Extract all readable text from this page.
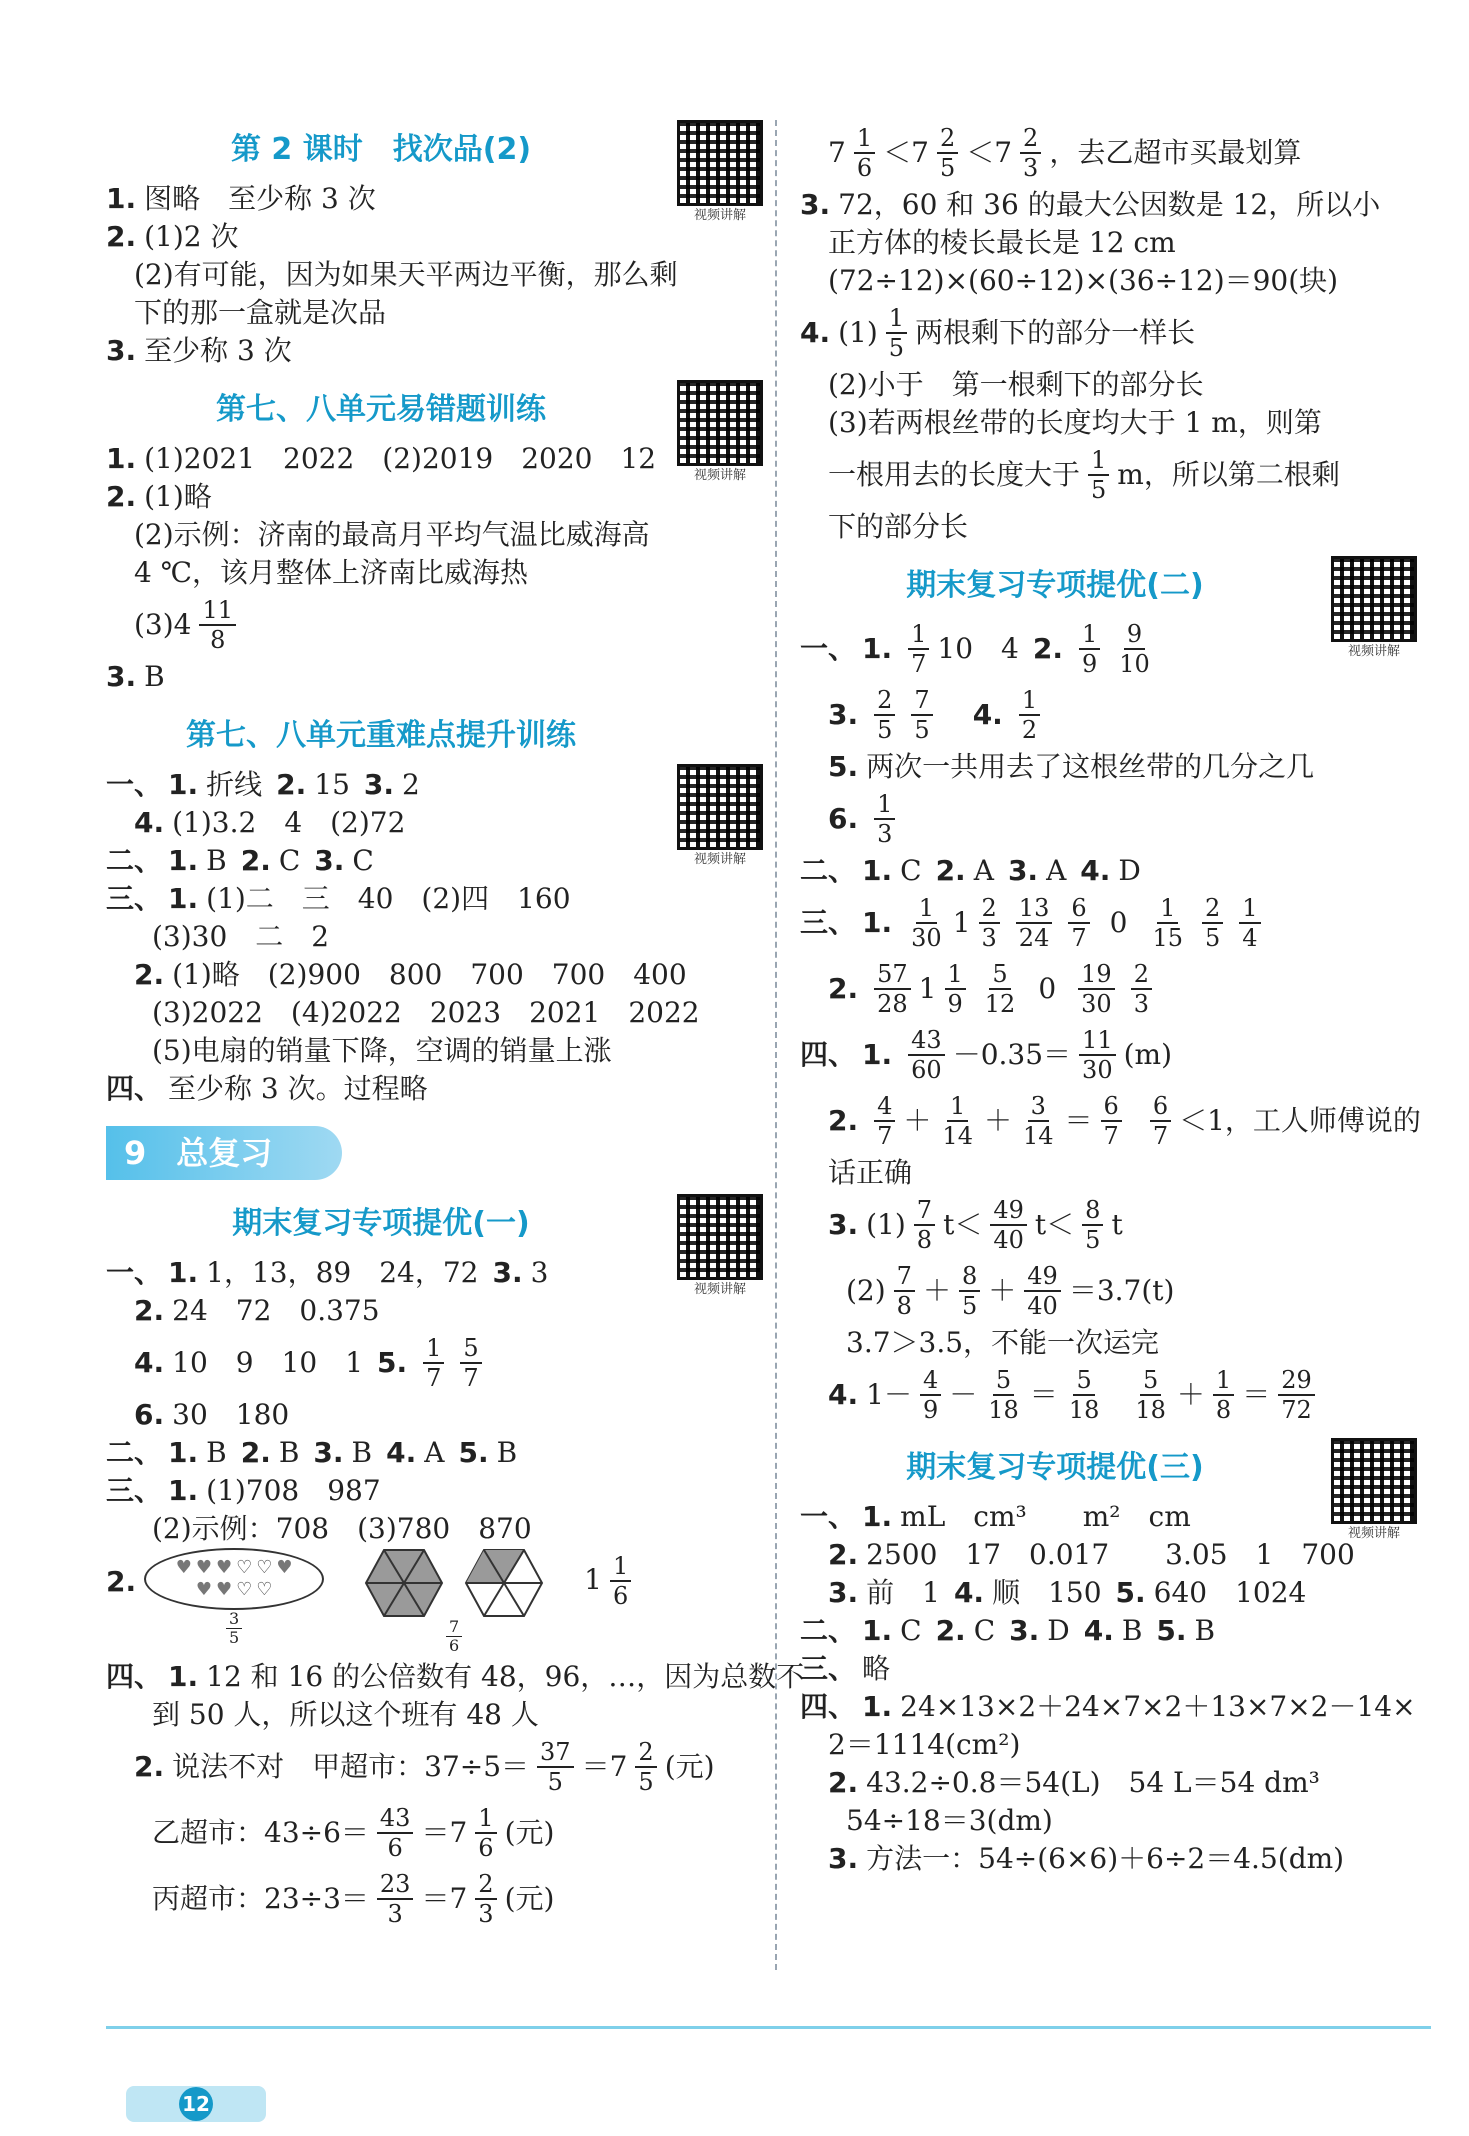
第 2 课时　找次品(2)
视频讲解
1. 图略　至少称 3 次
2. (1)2 次
(2)有可能，因为如果天平两边平衡，那么剩
下的那一盒就是次品
3. 至少称 3 次
第七、八单元易错题训练
视频讲解
1. (1)2021　2022　(2)2019　2020　12
2. (1)略
(2)示例：济南的最高月平均气温比威海高
4 ℃，该月整体上济南比威海热
$(3)4 \frac{11}{8}$
3. B
第七、八单元重难点提升训练
视频讲解
一、 1. 折线 2. 15 3. 2
4. (1)3.2　4　(2)72
二、 1. B 2. C 3. C
三、 1. (1)二　三　40　(2)四　160
(3)30　二　2
2. (1)略　(2)900　800　700　700　400
(3)2022　(4)2022　2023　2021　2022
(5)电扇的销量下降，空调的销量上涨
四、 至少称 3 次。过程略
9 总复习
期末复习专项提优(一)
视频讲解
一、 1. 1，13，89　24，72 3. 3
2. 24　72　0.375
4. 10　9　10　1 5. $\frac{1}{7} \frac{5}{7}$
6. 30　180
二、 1. B 2. B 3. B 4. A 5. B
三、 1. (1)708　987
(2)示例：708　(3)780　870
2. ♥ ♥ ♥ ♡ ♡ ♥
♥ ♥ ♡ ♡
$\frac{3}{5}$	$\frac{7}{6}$
$1 \frac{1}{6}$
四、 1. 12 和 16 的公倍数有 48，96，…，因为总数不
到 50 人，所以这个班有 48 人
2. 说法不对　甲超市：$37\div 5= \frac{37}{5} =7 \frac{2}{5}$ (元)
乙超市：$43\div 6= \frac{43}{6} =7 \frac{1}{6}$ (元)
丙超市：$23\div 3= \frac{23}{3} =7 \frac{2}{3}$ (元)
$7 \frac{1}{6} <7 \frac{2}{5} <7 \frac{2}{3}$ ，去乙超市买最划算
3. 72，60 和 36 的最大公因数是 12，所以小
正方体的棱长最长是 12 cm
(72÷12)×(60÷12)×(36÷12)＝90(块)
4. $(1) \frac{1}{5}$ 两根剩下的部分一样长
(2)小于　第一根剩下的部分长
(3)若两根丝带的长度均大于 1 m，则第
一根用去的长度大于 $\frac{1}{5}$ m，所以第二根剩
下的部分长
期末复习专项提优(二)
视频讲解
一、 1. $\frac{1}{7} 10$　4 2. $\frac{1}{9} \frac{9}{10}$
3. $\frac{2}{5} \frac{7}{5} 4$. $\frac{1}{2}$
5. 两次一共用去了这根丝带的几分之几
6. $\frac{1}{3}$
二、 1. C 2. A 3. A 4. D
三、 1. $\frac{1}{30} 1 \frac{2}{3} \frac{13}{24} \frac{6}{7} 0 \frac{1}{15} \frac{2}{5} \frac{1}{4}$
2. $\frac{57}{28} 1 \frac{1}{9} \frac{5}{12} 0 \frac{19}{30} \frac{2}{3}$
四、 1. $\frac{43}{60} -0.35= \frac{11}{30} (m)$
2. $\frac{4}{7} + \frac{1}{14} + \frac{3}{14} = \frac{6}{7} \frac{6}{7} <1$，工人师傅说的
话正确
3. $(1) \frac{7}{8} t< \frac{49}{40} t< \frac{8}{5}$ t
$(2) \frac{7}{8} + \frac{8}{5} + \frac{49}{40} =3.7(t)$
3.7＞3.5，不能一次运完
4. $1- \frac{4}{9} - \frac{5}{18} = \frac{5}{18} \frac{5}{18} + \frac{1}{8} = \frac{29}{72}$
期末复习专项提优(三)
视频讲解
一、 1. mL　cm³　　m²　cm
2. 2500　17　0.017　　3.05　1　700
3. 前　1 4. 顺　150 5. 640　1024
二、 1. C 2. C 3. D 4. B 5. B
三、 略
四、 1. 24×13×2＋24×7×2＋13×7×2－14×
2＝1114(cm²)
2. 43.2÷0.8＝54(L)　54 L＝54 dm³
54÷18＝3(dm)
3. 方法一：54÷(6×6)＋6÷2＝4.5(dm)
12
